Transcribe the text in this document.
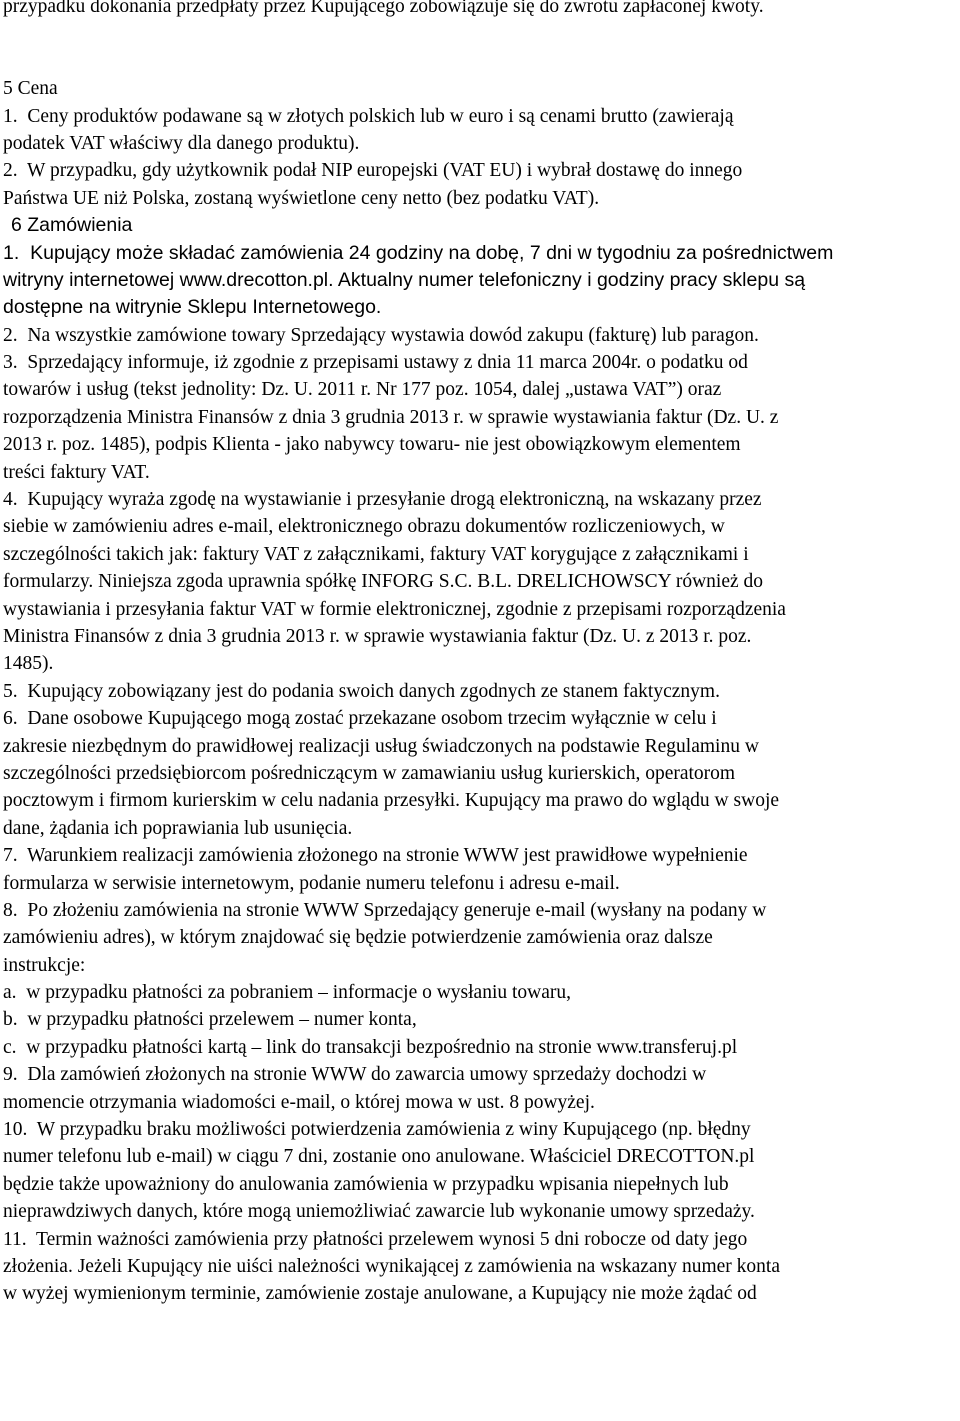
przypadku dokonania przedpłaty przez Kupującego zobowiązuje się do zwrotu zapłaconej kwoty.
5 Cena
1.  Ceny produktów podawane są w złotych polskich lub w euro i są cenami brutto (zawierają
podatek VAT właściwy dla danego produktu).
2.  W przypadku, gdy użytkownik podał NIP europejski (VAT EU) i wybrał dostawę do innego
Państwa UE niż Polska, zostaną wyświetlone ceny netto (bez podatku VAT).
6 Zamówienia
1.  Kupujący może składać zamówienia 24 godziny na dobę, 7 dni w tygodniu za pośrednictwem
witryny internetowej www.drecotton.pl. Aktualny numer telefoniczny i godziny pracy sklepu są
dostępne na witrynie Sklepu Internetowego.
2.  Na wszystkie zamówione towary Sprzedający wystawia dowód zakupu (fakturę) lub paragon.
3.  Sprzedający informuje, iż zgodnie z przepisami ustawy z dnia 11 marca 2004r. o podatku od
towarów i usług (tekst jednolity: Dz. U. 2011 r. Nr 177 poz. 1054, dalej „ustawa VAT”) oraz
rozporządzenia Ministra Finansów z dnia 3 grudnia 2013 r. w sprawie wystawiania faktur (Dz. U. z
2013 r. poz. 1485), podpis Klienta - jako nabywcy towaru- nie jest obowiązkowym elementem
treści faktury VAT.
4.  Kupujący wyraża zgodę na wystawianie i przesyłanie drogą elektroniczną, na wskazany przez
siebie w zamówieniu adres e-mail, elektronicznego obrazu dokumentów rozliczeniowych, w
szczególności takich jak: faktury VAT z załącznikami, faktury VAT korygujące z załącznikami i
formularzy. Niniejsza zgoda uprawnia spółkę INFORG S.C. B.L. DRELICHOWSCY również do
wystawiania i przesyłania faktur VAT w formie elektronicznej, zgodnie z przepisami rozporządzenia
Ministra Finansów z dnia 3 grudnia 2013 r. w sprawie wystawiania faktur (Dz. U. z 2013 r. poz.
1485).
5.  Kupujący zobowiązany jest do podania swoich danych zgodnych ze stanem faktycznym.
6.  Dane osobowe Kupującego mogą zostać przekazane osobom trzecim wyłącznie w celu i
zakresie niezbędnym do prawidłowej realizacji usług świadczonych na podstawie Regulaminu w
szczególności przedsiębiorcom pośredniczącym w zamawianiu usług kurierskich, operatorom
pocztowym i firmom kurierskim w celu nadania przesyłki. Kupujący ma prawo do wglądu w swoje
dane, żądania ich poprawiania lub usunięcia.
7.  Warunkiem realizacji zamówienia złożonego na stronie WWW jest prawidłowe wypełnienie
formularza w serwisie internetowym, podanie numeru telefonu i adresu e-mail.
8.  Po złożeniu zamówienia na stronie WWW Sprzedający generuje e-mail (wysłany na podany w
zamówieniu adres), w którym znajdować się będzie potwierdzenie zamówienia oraz dalsze
instrukcje:
a.  w przypadku płatności za pobraniem – informacje o wysłaniu towaru,
b.  w przypadku płatności przelewem – numer konta,
c.  w przypadku płatności kartą – link do transakcji bezpośrednio na stronie www.transferuj.pl
9.  Dla zamówień złożonych na stronie WWW do zawarcia umowy sprzedaży dochodzi w
momencie otrzymania wiadomości e-mail, o której mowa w ust. 8 powyżej.
10.  W przypadku braku możliwości potwierdzenia zamówienia z winy Kupującego (np. błędny
numer telefonu lub e-mail) w ciągu 7 dni, zostanie ono anulowane. Właściciel DRECOTTON.pl
będzie także upoważniony do anulowania zamówienia w przypadku wpisania niepełnych lub
nieprawdziwych danych, które mogą uniemożliwiać zawarcie lub wykonanie umowy sprzedaży.
11.  Termin ważności zamówienia przy płatności przelewem wynosi 5 dni robocze od daty jego
złożenia. Jeżeli Kupujący nie uiści należności wynikającej z zamówienia na wskazany numer konta
w wyżej wymienionym terminie, zamówienie zostaje anulowane, a Kupujący nie może żądać od
